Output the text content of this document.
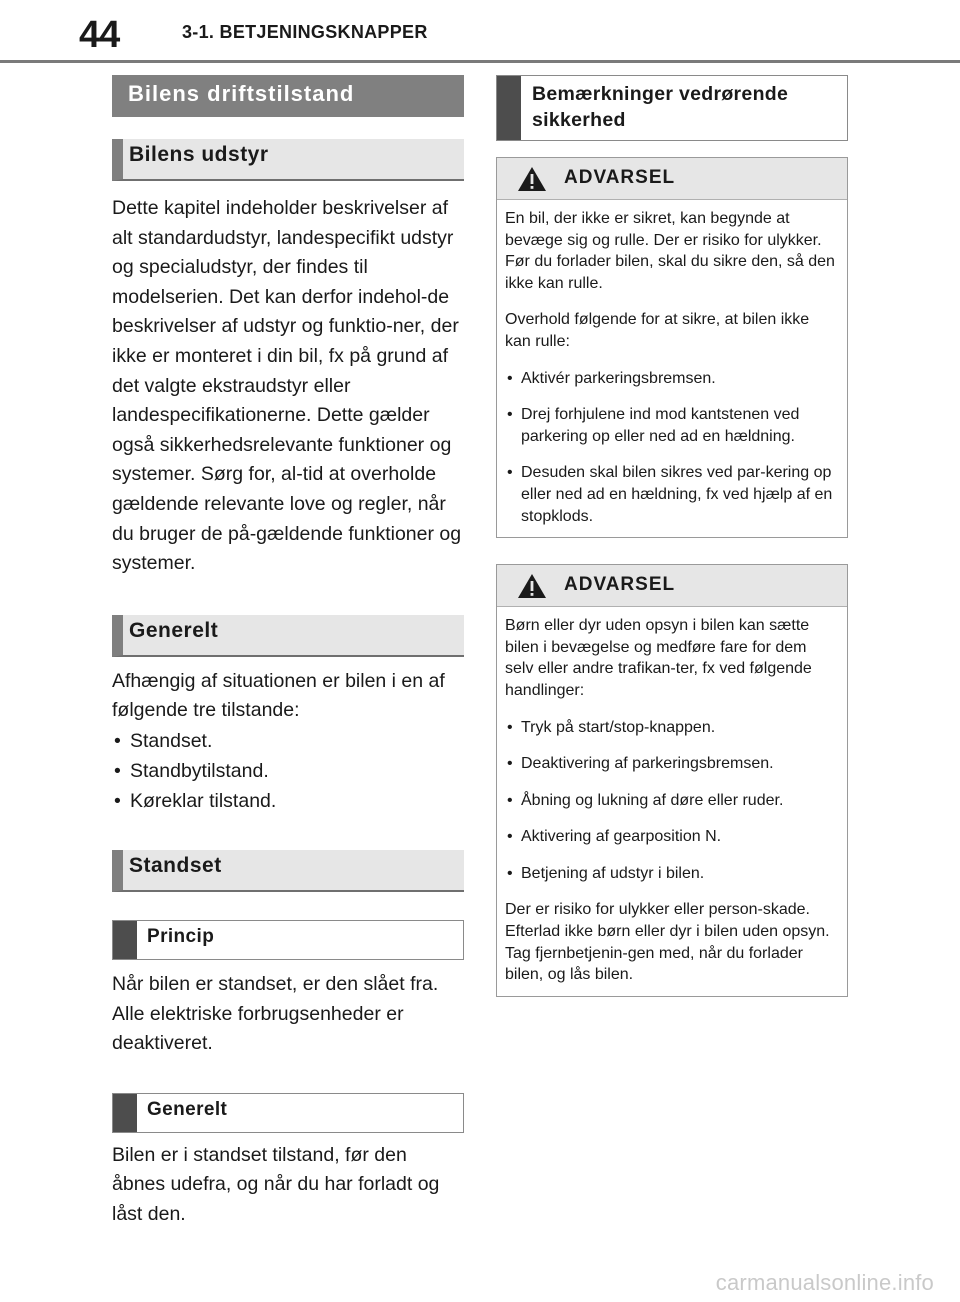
44	3-1. BETJENINGSKNAPPER
Bilens driftstilstand
Bilens udstyr

Dette kapitel indeholder beskrivelser af alt standardudstyr, landespecifikt udstyr og specialudstyr, der findes til modelserien. Det kan derfor indehol-de beskrivelser af udstyr og funktio-ner, der ikke er monteret i din bil, fx på grund af det valgte ekstraudstyr eller landespecifikationerne. Dette gælder også sikkerhedsrelevante funktioner og systemer. Sørg for, al-tid at overholde gældende relevante love og regler, når du bruger de på-gældende funktioner og systemer.

Generelt

Afhængig af situationen er bilen i en af følgende tre tilstande:

• Standset.
• Standbytilstand.
• Køreklar tilstand.
Standset
Princip

Når bilen er standset, er den slået fra. Alle elektriske forbrugsenheder er deaktiveret.

Generelt

Bilen er i standset tilstand, før den åbnes udefra, og når du har forladt og låst den.

Bemærkninger vedrørende sikkerhed
ADVARSEL

En bil, der ikke er sikret, kan begynde at bevæge sig og rulle. Der er risiko for ulykker. Før du forlader bilen, skal du sikre den, så den ikke kan rulle.

Overhold følgende for at sikre, at bilen ikke kan rulle:

• Aktivér parkeringsbremsen.
• Drej forhjulene ind mod kantstenen ved parkering op eller ned ad en hældning.
• Desuden skal bilen sikres ved par-kering op eller ned ad en hældning, fx ved hjælp af en stopklods.
ADVARSEL

Børn eller dyr uden opsyn i bilen kan sætte bilen i bevægelse og medføre fare for dem selv eller andre trafikan-ter, fx ved følgende handlinger:

• Tryk på start/stop-knappen.
• Deaktivering af parkeringsbremsen.
• Åbning og lukning af døre eller ruder.
• Aktivering af gearposition N.
• Betjening af udstyr i bilen.

Der er risiko for ulykker eller person-skade. Efterlad ikke børn eller dyr i bilen uden opsyn. Tag fjernbetjenin-gen med, når du forlader bilen, og lås bilen.

carmanualsonline.info
